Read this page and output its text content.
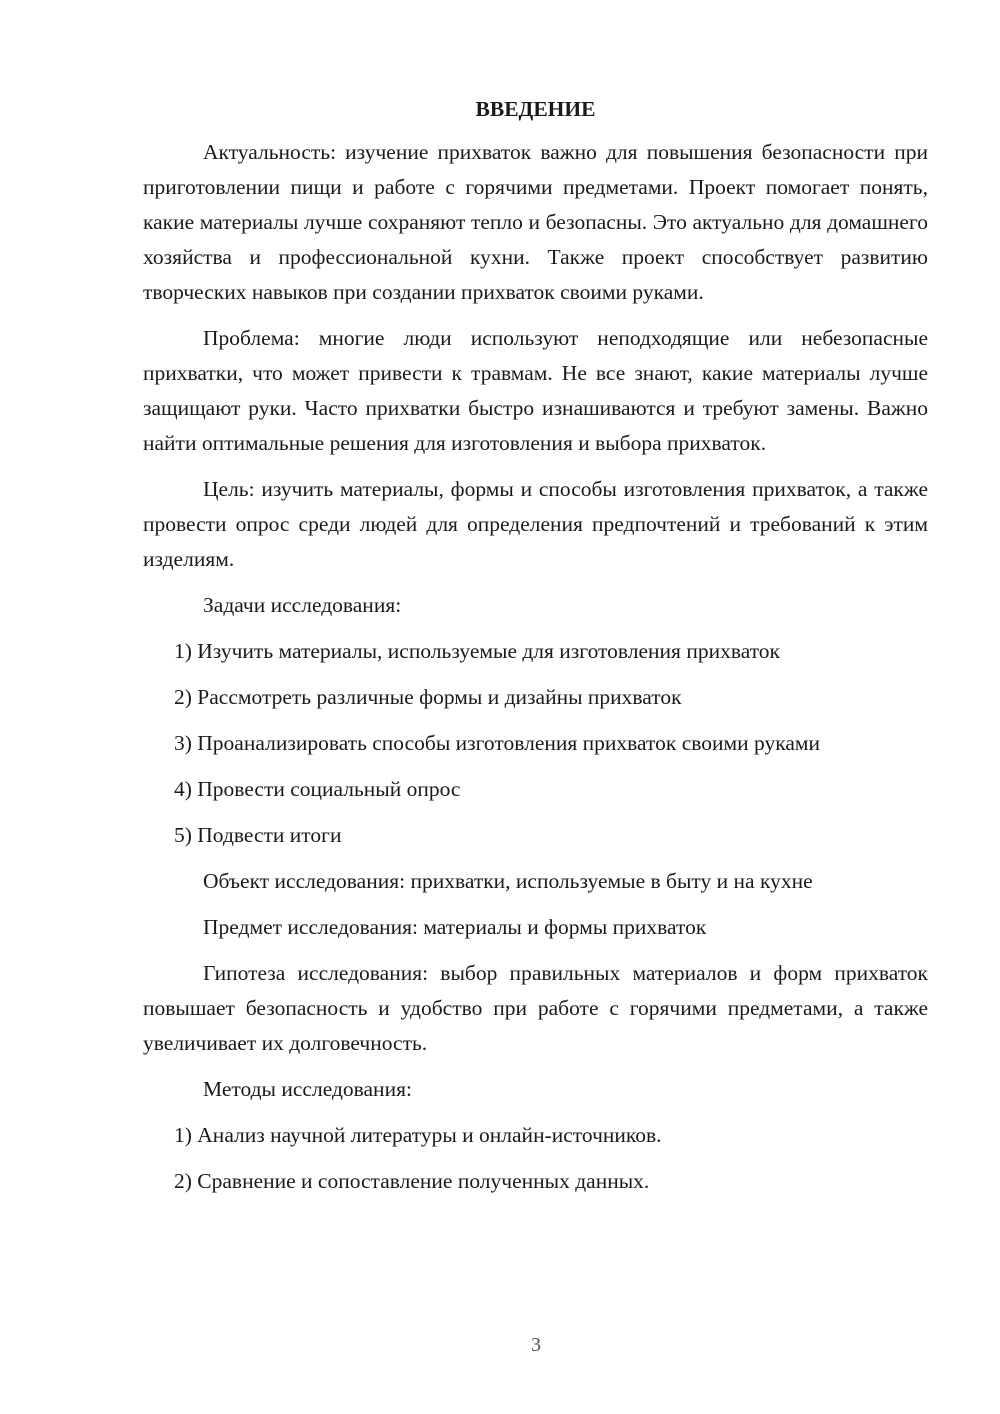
ВВЕДЕНИЕ

Актуальность: изучение прихваток важно для повышения безопасности при приготовлении пищи и работе с горячими предметами. Проект помогает понять, какие материалы лучше сохраняют тепло и безопасны. Это актуально для домашнего хозяйства и профессиональной кухни. Также проект способствует развитию творческих навыков при создании прихваток своими руками.

Проблема: многие люди используют неподходящие или небезопасные прихватки, что может привести к травмам. Не все знают, какие материалы лучше защищают руки. Часто прихватки быстро изнашиваются и требуют замены. Важно найти оптимальные решения для изготовления и выбора прихваток.

Цель: изучить материалы, формы и способы изготовления прихваток, а также провести опрос среди людей для определения предпочтений и требований к этим изделиям.

Задачи исследования:

1) Изучить материалы, используемые для изготовления прихваток

2) Рассмотреть различные формы и дизайны прихваток

3) Проанализировать способы изготовления прихваток своими руками

4) Провести социальный опрос

5) Подвести итоги

Объект исследования: прихватки, используемые в быту и на кухне

Предмет исследования: материалы и формы прихваток

Гипотеза исследования: выбор правильных материалов и форм прихваток повышает безопасность и удобство при работе с горячими предметами, а также увеличивает их долговечность.

Методы исследования:

1) Анализ научной литературы и онлайн-источников.

2) Сравнение и сопоставление полученных данных.

3
